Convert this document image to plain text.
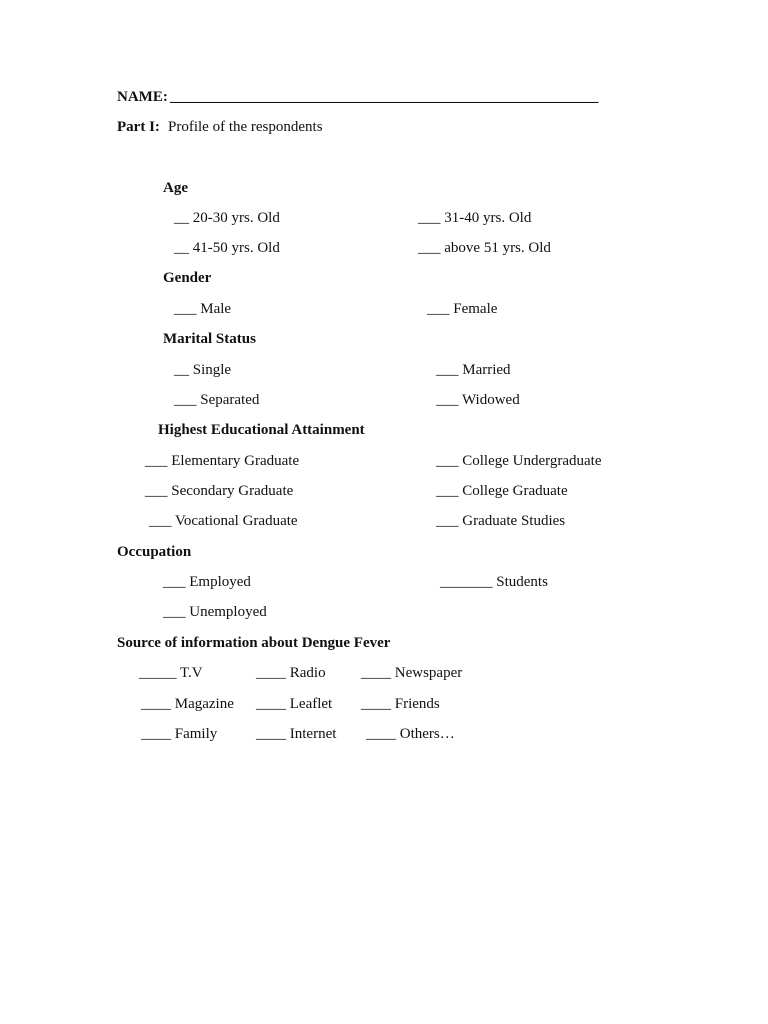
NAME: ______________________________________________________________
Part I: Profile of the respondents
Age
__ 20-30 yrs. Old	___ 31-40 yrs. Old
__ 41-50 yrs. Old	___ above 51 yrs. Old
Gender
___ Male	___ Female
Marital Status
__ Single	___ Married
___ Separated	___ Widowed
Highest Educational Attainment
___ Elementary Graduate	___ College Undergraduate
___ Secondary Graduate	___ College Graduate
___ Vocational Graduate	___ Graduate Studies
Occupation
___ Employed	_______ Students
___ Unemployed
Source of information about Dengue Fever
_____ T.V	____ Radio ____ Newspaper
____ Magazine ____ Leaflet ____ Friends
____ Family	____ Internet ____ Others…
